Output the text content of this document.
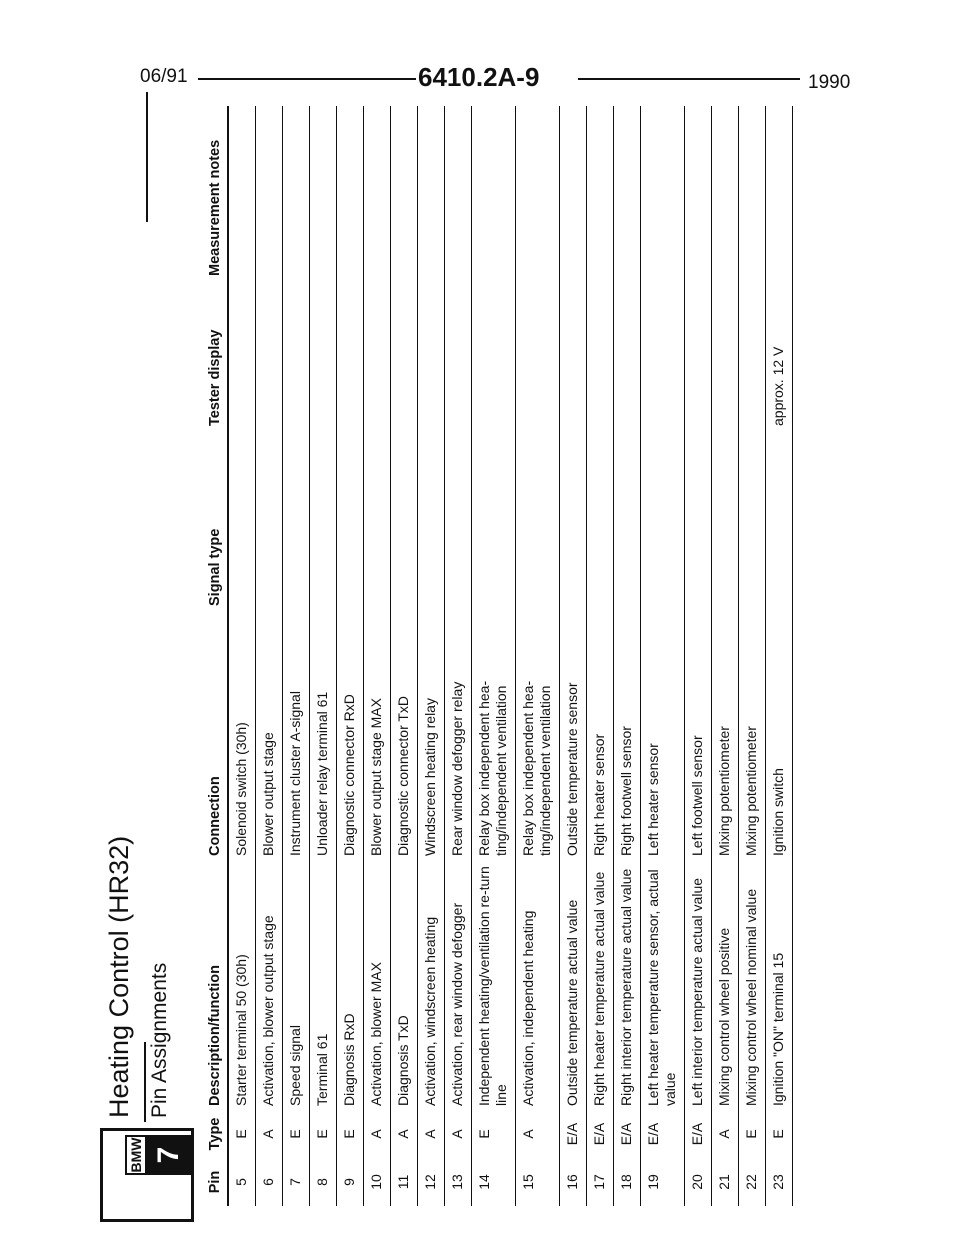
06/91	6410.2A-9	1990
BMW 7
Heating Control (HR32) Pin Assignments
Pin	Type	Description/function	Connection	Signal type	Tester display	Measurement notes
5	E	Starter terminal 50 (30h)	Solenoid switch (30h)			
6	A	Activation, blower output stage	Blower output stage			
7	E	Speed signal	Instrument cluster A-signal			
8	E	Terminal 61	Unloader relay terminal 61			
9	E	Diagnosis RxD	Diagnostic connector RxD			
10	A	Activation, blower MAX	Blower output stage MAX			
11	A	Diagnosis TxD	Diagnostic connector TxD			
12	A	Activation, windscreen heating	Windscreen heating relay			
13	A	Activation, rear window defogger	Rear window defogger relay			
14	E	Independent heating/ventilation re-turn line	Relay box independent hea-ting/independent ventilation			
15	A	Activation, independent heating	Relay box independent hea-ting/independent ventilation			
16	E/A	Outside temperature actual value	Outside temperature sensor			
17	E/A	Right heater temperature actual value	Right heater sensor			
18	E/A	Right interior temperature actual value	Right footwell sensor			
19	E/A	Left heater temperature sensor, actual value	Left heater sensor			
20	E/A	Left interior temperature actual value	Left footwell sensor			
21	A	Mixing control wheel positive	Mixing potentiometer			
22	E	Mixing control wheel nominal value	Mixing potentiometer			
23	E	Ignition "ON" terminal 15	Ignition switch		approx. 12 V	
